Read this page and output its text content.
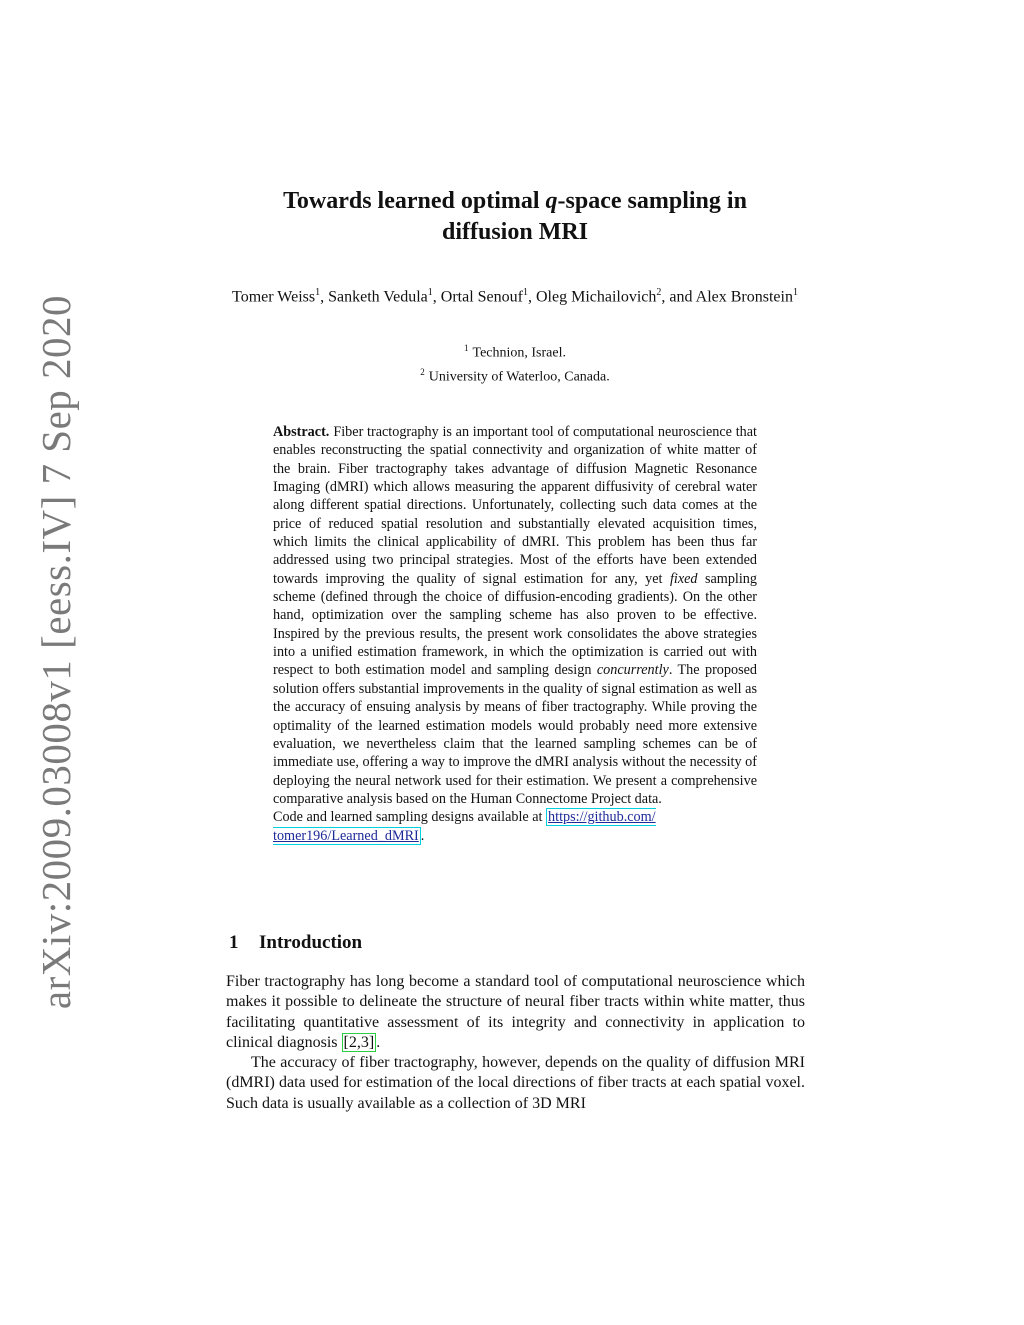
arXiv:2009.03008v1 [eess.IV] 7 Sep 2020
Towards learned optimal q-space sampling in
diffusion MRI
Tomer Weiss$^1$, Sanketh Vedula$^1$, Ortal Senouf$^1$, Oleg Michailovich$^2$, and Alex Bronstein$^1$
$^1$ Technion, Israel.
$^2$ University of Waterloo, Canada.

Abstract. Fiber tractography is an important tool of computational neuroscience that enables reconstructing the spatial connectivity and organization of white matter of the brain. Fiber tractography takes advantage of diffusion Magnetic Resonance Imaging (dMRI) which allows measuring the apparent diffusivity of cerebral water along different spatial directions. Unfortunately, collecting such data comes at the price of reduced spatial resolution and substantially elevated acquisition times, which limits the clinical applicability of dMRI. This problem has been thus far addressed using two principal strategies. Most of the efforts have been extended towards improving the quality of signal estimation for any, yet fixed sampling scheme (defined through the choice of diffusion-encoding gradients). On the other hand, optimization over the sampling scheme has also proven to be effective. Inspired by the previous results, the present work consolidates the above strategies into a unified estimation framework, in which the optimization is carried out with respect to both estimation model and sampling design concurrently. The proposed solution offers substantial improvements in the quality of signal estimation as well as the accuracy of ensuing analysis by means of fiber tractography. While proving the optimality of the learned estimation models would probably need more extensive evaluation, we nevertheless claim that the learned sampling schemes can be of immediate use, offering a way to improve the dMRI analysis without the necessity of deploying the neural network used for their estimation. We present a comprehensive comparative analysis based on the Human Connectome Project data.

Code and learned sampling designs available at https://github.com/
tomer196/Learned_dMRI .

1 Introduction

Fiber tractography has long become a standard tool of computational neuroscience which makes it possible to delineate the structure of neural fiber tracts within white matter, thus facilitating quantitative assessment of its integrity and connectivity in application to clinical diagnosis [2,3] .

The accuracy of fiber tractography, however, depends on the quality of diffusion MRI (dMRI) data used for estimation of the local directions of fiber tracts at each spatial voxel. Such data is usually available as a collection of 3D MRI
